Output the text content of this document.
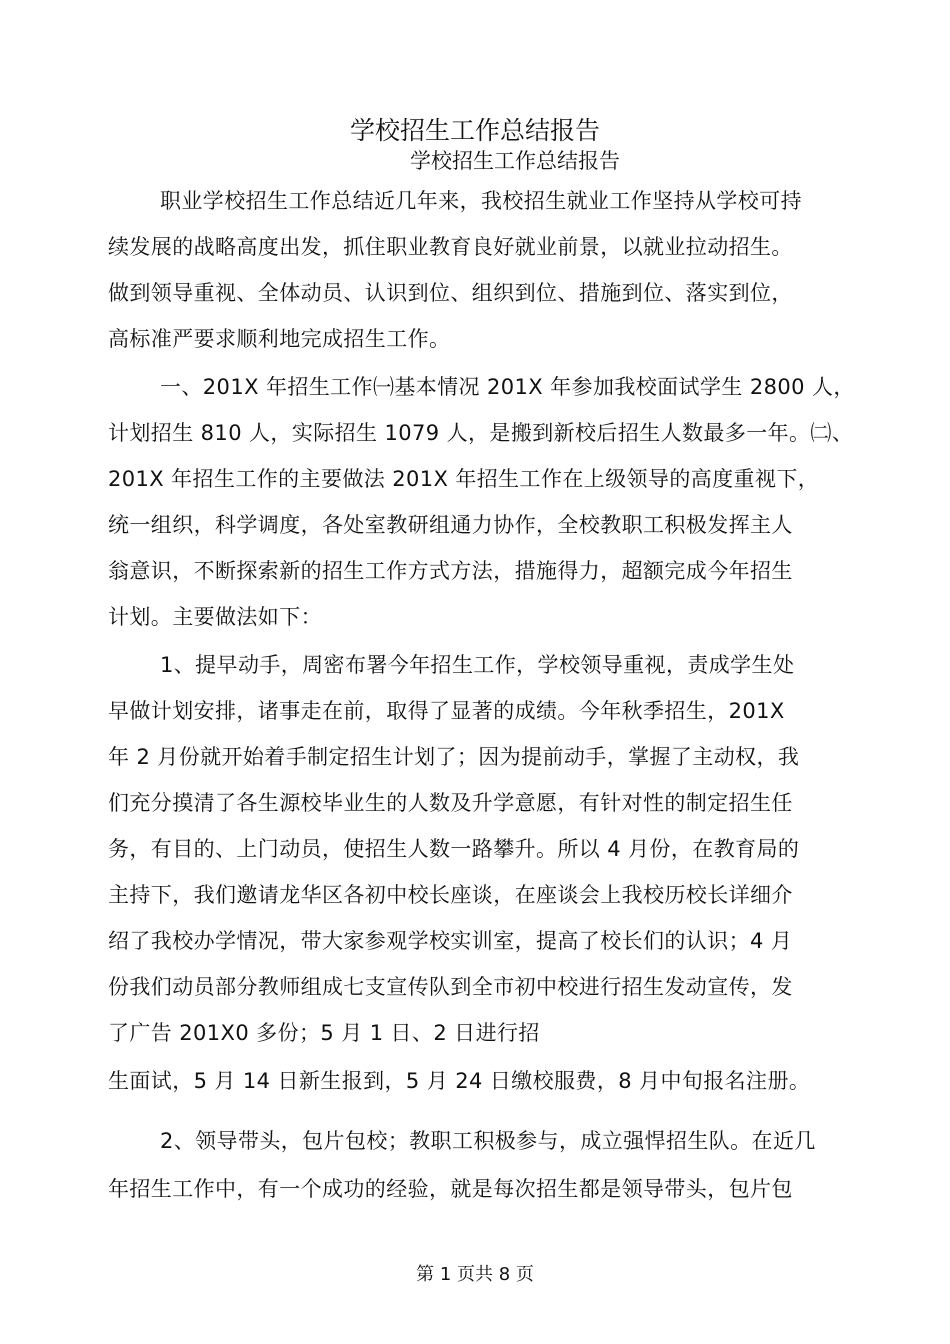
学校招生工作总结报告
学校招生工作总结报告
职业学校招生工作总结近几年来，我校招生就业工作坚持从学校可持
续发展的战略高度出发，抓住职业教育良好就业前景，以就业拉动招生。
做到领导重视、全体动员、认识到位、组织到位、措施到位、落实到位，
高标准严要求顺利地完成招生工作。
一、201X 年招生工作㈠基本情况 201X 年参加我校面试学生 2800 人，
计划招生 810 人，实际招生 1079 人，是搬到新校后招生人数最多一年。㈡、
201X 年招生工作的主要做法 201X 年招生工作在上级领导的高度重视下，
统一组织，科学调度，各处室教研组通力协作，全校教职工积极发挥主人
翁意识，不断探索新的招生工作方式方法，措施得力，超额完成今年招生
计划。主要做法如下：
1、提早动手，周密布署今年招生工作，学校领导重视，责成学生处
早做计划安排，诸事走在前，取得了显著的成绩。今年秋季招生，201X
年 2 月份就开始着手制定招生计划了；因为提前动手，掌握了主动权，我
们充分摸清了各生源校毕业生的人数及升学意愿，有针对性的制定招生任
务，有目的、上门动员，使招生人数一路攀升。所以 4 月份，在教育局的
主持下，我们邀请龙华区各初中校长座谈，在座谈会上我校历校长详细介
绍了我校办学情况，带大家参观学校实训室，提高了校长们的认识；4 月
份我们动员部分教师组成七支宣传队到全市初中校进行招生发动宣传，发
了广告 201X0 多份；5 月 1 日、2 日进行招
生面试，5 月 14 日新生报到，5 月 24 日缴校服费，8 月中旬报名注册。
2、领导带头，包片包校；教职工积极参与，成立强悍招生队。在近几
年招生工作中，有一个成功的经验，就是每次招生都是领导带头，包片包
第 1 页共 8 页
